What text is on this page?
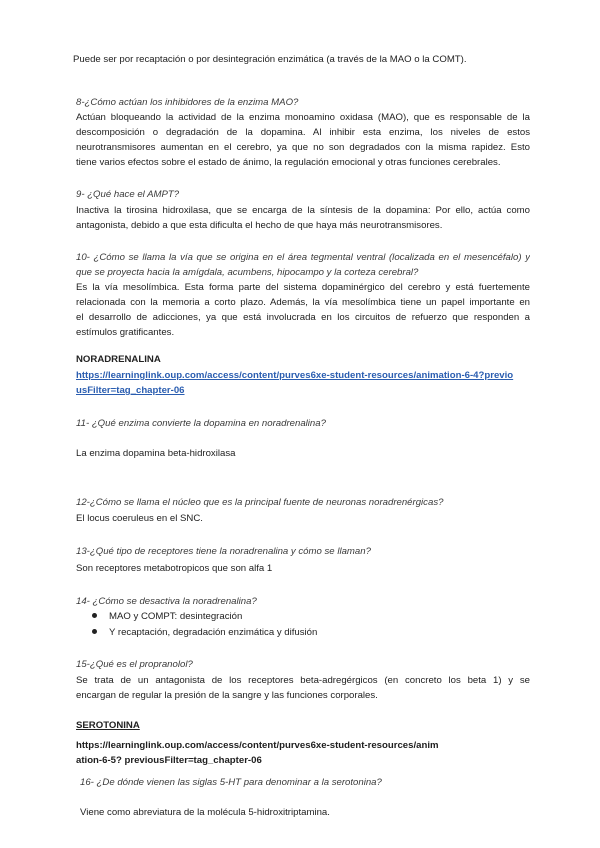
Puede ser por recaptación o por desintegración enzimática (a través de la MAO o la COMT).

8-¿Cómo actúan los inhibidores de la enzima MAO?

Actúan bloqueando la actividad de la enzima monoamino oxidasa (MAO), que es responsable de la

descomposición o degradación de la dopamina. Al inhibir esta enzima, los niveles de estos

neurotransmisores aumentan en el cerebro, ya que no son degradados con la misma rapidez. Esto

tiene varios efectos sobre el estado de ánimo, la regulación emocional y otras funciones cerebrales.

9- ¿Qué hace el AMPT?

Inactiva la tirosina hidroxilasa, que se encarga de la síntesis de la dopamina: Por ello, actúa como

antagonista, debido a que esta dificulta el hecho de que haya más neurotransmisores.

10- ¿Cómo se llama la vía que se origina en el área tegmental ventral (localizada en el mesencéfalo) y

que se proyecta hacia la amígdala, acumbens, hipocampo y la corteza cerebral?

Es la vía mesolímbica. Esta forma parte del sistema dopaminérgico del cerebro y está fuertemente

relacionada con la memoria a corto plazo. Además, la vía mesolímbica tiene un papel importante en

el desarrollo de adicciones, ya que está involucrada en los circuitos de refuerzo que responden a

estímulos gratificantes.

NORADRENALINA

https://learninglink.oup.com/access/content/purves6xe-student-resources/animation-6-4?previo
usFilter=tag_chapter-06

11- ¿Qué enzima convierte la dopamina en noradrenalina?

La enzima dopamina beta-hidroxilasa

12-¿Cómo se llama el núcleo que es la principal fuente de neuronas noradrenérgicas?

El locus coeruleus en el SNC.

13-¿Qué tipo de receptores tiene la noradrenalina y cómo se llaman?

Son receptores metabotropicos que son alfa 1

14- ¿Cómo se desactiva la noradrenalina?

MAO y COMPT: desintegración
Y recaptación, degradación enzimática y difusión

15-¿Qué es el propranolol?

Se trata de un antagonista de los receptores beta-adregérgicos (en concreto los beta 1) y se

encargan de regular la presión de la sangre y las funciones corporales.

SEROTONINA

https://learninglink.oup.com/access/content/purves6xe-student-resources/anim
ation-6-5? previousFilter=tag_chapter-06

16- ¿De dónde vienen las siglas 5-HT para denominar a la serotonina?

Viene como abreviatura de la molécula 5-hidroxitriptamina.
